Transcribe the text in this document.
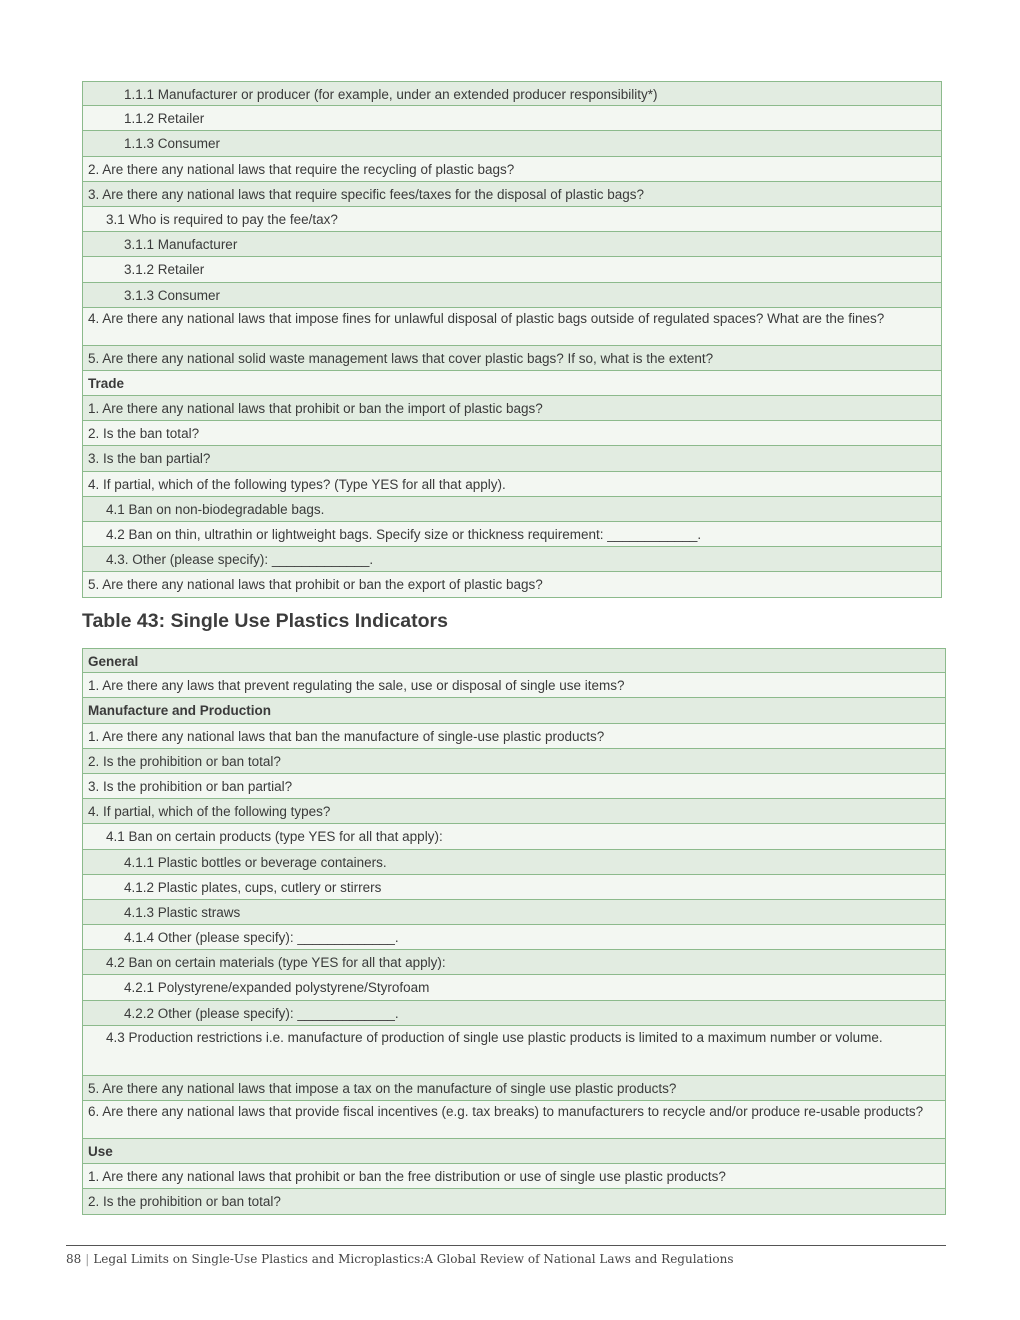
1.1.1 Manufacturer or producer (for example, under an extended producer responsibility*)
1.1.2 Retailer
1.1.3 Consumer
2. Are there any national laws that require the recycling of plastic bags?
3. Are there any national laws that require specific fees/taxes for the disposal of plastic bags?
3.1 Who is required to pay the fee/tax?
3.1.1 Manufacturer
3.1.2 Retailer
3.1.3 Consumer
4. Are there any national laws that impose fines for unlawful disposal of plastic bags outside of regulated spaces? What are the fines?
5. Are there any national solid waste management laws that cover plastic bags? If so, what is the extent?
Trade
1. Are there any national laws that prohibit or ban the import of plastic bags?
2. Is the ban total?
3. Is the ban partial?
4. If partial, which of the following types? (Type YES for all that apply).
4.1 Ban on non-biodegradable bags.
4.2 Ban on thin, ultrathin or lightweight bags. Specify size or thickness requirement: ____________.
4.3. Other (please specify): _____________.
5. Are there any national laws that prohibit or ban the export of plastic bags?
Table 43: Single Use Plastics Indicators
General
1. Are there any laws that prevent regulating the sale, use or disposal of single use items?
Manufacture and Production
1. Are there any national laws that ban the manufacture of single-use plastic products?
2. Is the prohibition or ban total?
3. Is the prohibition or ban partial?
4. If partial, which of the following types?
4.1 Ban on certain products (type YES for all that apply):
4.1.1 Plastic bottles or beverage containers.
4.1.2 Plastic plates, cups, cutlery or stirrers
4.1.3 Plastic straws
4.1.4 Other (please specify): _____________.
4.2 Ban on certain materials (type YES for all that apply):
4.2.1 Polystyrene/expanded polystyrene/Styrofoam
4.2.2 Other (please specify): _____________.
4.3 Production restrictions i.e. manufacture of production of single use plastic products is limited to a maximum number or volume.
5. Are there any national laws that impose a tax on the manufacture of single use plastic products?
6. Are there any national laws that provide fiscal incentives (e.g. tax breaks) to manufacturers to recycle and/or produce re-usable products?
Use
1. Are there any national laws that prohibit or ban the free distribution or use of single use plastic products?
2. Is the prohibition or ban total?
88 | Legal Limits on Single-Use Plastics and Microplastics:A Global Review of National Laws and Regulations
